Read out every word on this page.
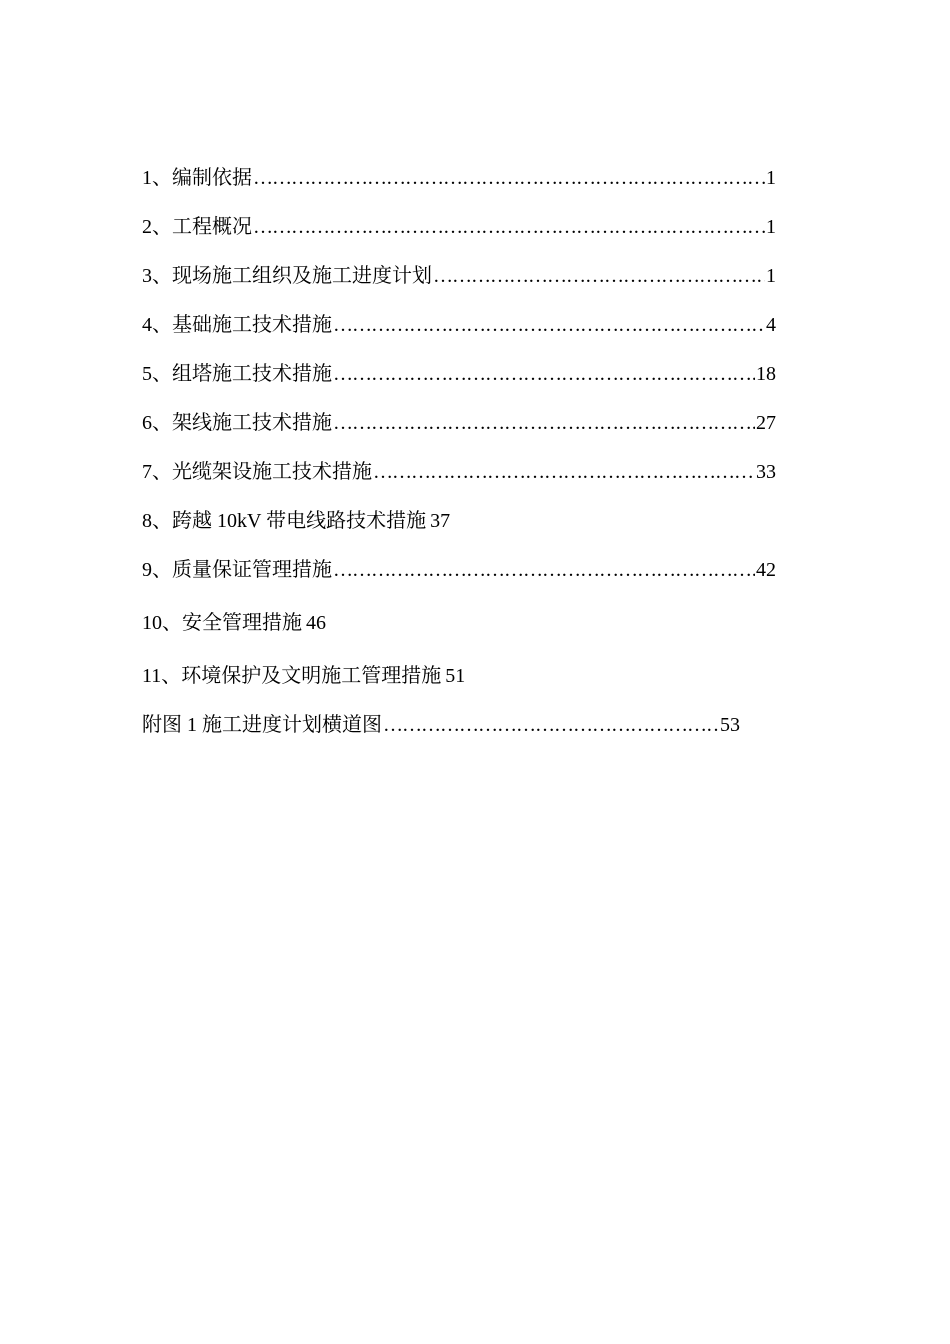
1、编制依据 …………………………………………………………………………………………………………………………………………	1
2、工程概况 …………………………………………………………………………………………………………………………………………	1
3、现场施工组织及施工进度计划 …………………………………………………………………………………………………………………………………………	1
4、基础施工技术措施 …………………………………………………………………………………………………………………………………………	4
5、组塔施工技术措施 …………………………………………………………………………………………………………………………………………	18
6、架线施工技术措施 …………………………………………………………………………………………………………………………………………	27
7、光缆架设施工技术措施 …………………………………………………………………………………………………………………………………………	33
8、跨越 10kV 带电线路技术措施 37
9、质量保证管理措施 …………………………………………………………………………………………………………………………………………	42
10、安全管理措施 46
11、环境保护及文明施工管理措施 51
附图 1 施工进度计划横道图 …………………………………………………………………………………………………………………………………………	53
